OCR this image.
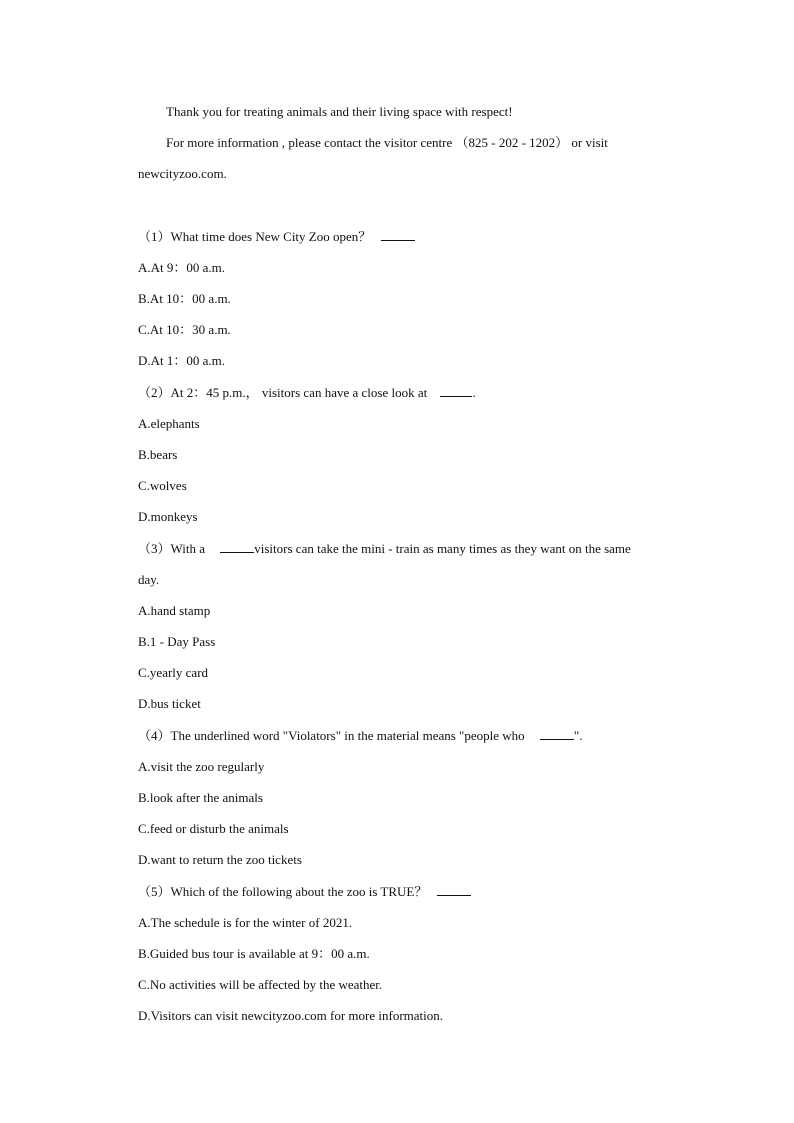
Thank you for treating animals and their living space with respect!
For more information , please contact the visitor centre （825 - 202 - 1202） or visit
newcityzoo.com.
（1）What time does New City Zoo open？
A.At 9：00 a.m.
B.At 10：00 a.m.
C.At 10：30 a.m.
D.At 1：00 a.m.
（2）At 2：45 p.m.， visitors can have a close look at	.
A.elephants
B.bears
C.wolves
D.monkeys
（3）With a	visitors can take the mini - train as many times as they want on the same
day.
A.hand stamp
B.1 - Day Pass
C.yearly card
D.bus ticket
（4）The underlined word "Violators" in the material means "people who	".
A.visit the zoo regularly
B.look after the animals
C.feed or disturb the animals
D.want to return the zoo tickets
（5）Which of the following about the zoo is TRUE？
A.The schedule is for the winter of 2021.
B.Guided bus tour is available at 9：00 a.m.
C.No activities will be affected by the weather.
D.Visitors can visit newcityzoo.com for more information.
